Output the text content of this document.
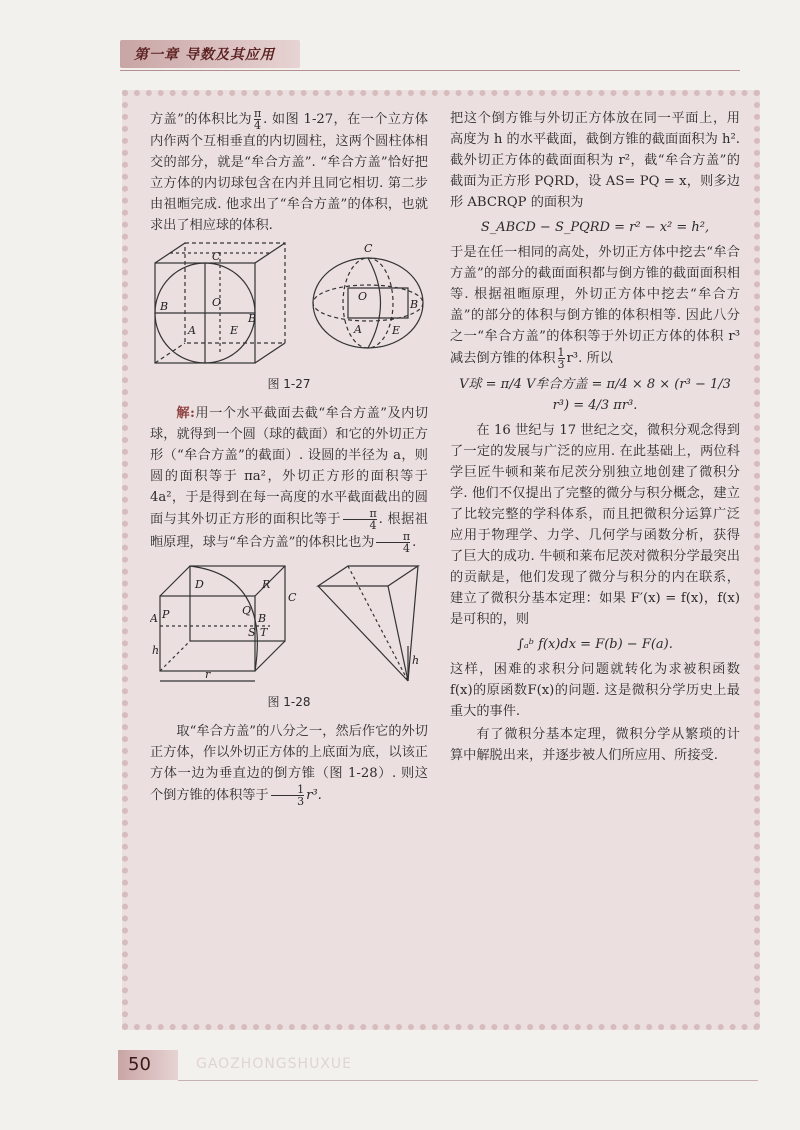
第一章 导数及其应用

方盖”的体积比为 $\frac{\pi}{4}$ . 如图 1-27，在一个立方体内作两个互相垂直的内切圆柱，这两个圆柱体相交的部分，就是“牟合方盖”. “牟合方盖”恰好把立方体的内切球包含在内并且同它相切. 第二步由祖暅完成. 他求出了“牟合方盖”的体积，也就求出了相应球的体积.

C
O
A
B
E
B
C
O
A	E
B
图 1-27

解:用一个水平截面去截“牟合方盖”及内切球，就得到一个圆（球的截面）和它的外切正方形（“牟合方盖”的截面）. 设圆的半径为 a，则圆的面积等于 πa²，外切正方形的面积等于 4a²，于是得到在每一高度的水平截面截出的圆面与其外切正方形的面积比等于 $\frac{\pi}{4}$ . 根据祖暅原理，球与“牟合方盖”的体积比也为 $\frac{\pi}{4}$ .

D	R
C
A P	Q
B
T
S
h
r
h
图 1-28

取“牟合方盖”的八分之一，然后作它的外切正方体，作以外切正方体的上底面为底，以该正方体一边为垂直边的倒方锥（图 1-28）. 则这个倒方锥的体积等于 $\frac{1}{3} r^3$.

把这个倒方锥与外切正方体放在同一平面上，用高度为 h 的水平截面，截倒方锥的截面面积为 h². 截外切正方体的截面面积为 r²，截“牟合方盖”的截面为正方形 PQRD，设 AS= PQ = x，则多边形 ABCRQP 的面积为

S_ABCD − S_PQRD = r² − x² = h²,

于是在任一相同的高处，外切正方体中挖去“牟合方盖”的部分的截面面积都与倒方锥的截面面积相等. 根据祖暅原理，外切正方体中挖去“牟合方盖”的部分的体积与倒方锥的体积相等. 因此八分之一“牟合方盖”的体积等于外切正方体的体积 r³ 减去倒方锥的体积 $\frac{1}{3} r^3$. 所以

V球 = π/4 V牟合方盖 = π/4 × 8 × (r³ − 1/3 r³) = 4/3 πr³.

在 16 世纪与 17 世纪之交，微积分观念得到了一定的发展与广泛的应用. 在此基础上，两位科学巨匠牛顿和莱布尼茨分别独立地创建了微积分学. 他们不仅提出了完整的微分与积分概念，建立了比较完整的学科体系，而且把微积分运算广泛应用于物理学、力学、几何学与函数分析，获得了巨大的成功. 牛顿和莱布尼茨对微积分学最突出的贡献是，他们发现了微分与积分的内在联系，建立了微积分基本定理：如果 F′(x) = f(x)，f(x)是可积的，则

∫ₐᵇ f(x)dx = F(b) − F(a).

这样，困难的求积分问题就转化为求被积函数 f(x)的原函数F(x)的问题. 这是微积分学历史上最重大的事件.

有了微积分基本定理，微积分学从繁琐的计算中解脱出来，并逐步被人们所应用、所接受.

50	GAOZHONGSHUXUE
